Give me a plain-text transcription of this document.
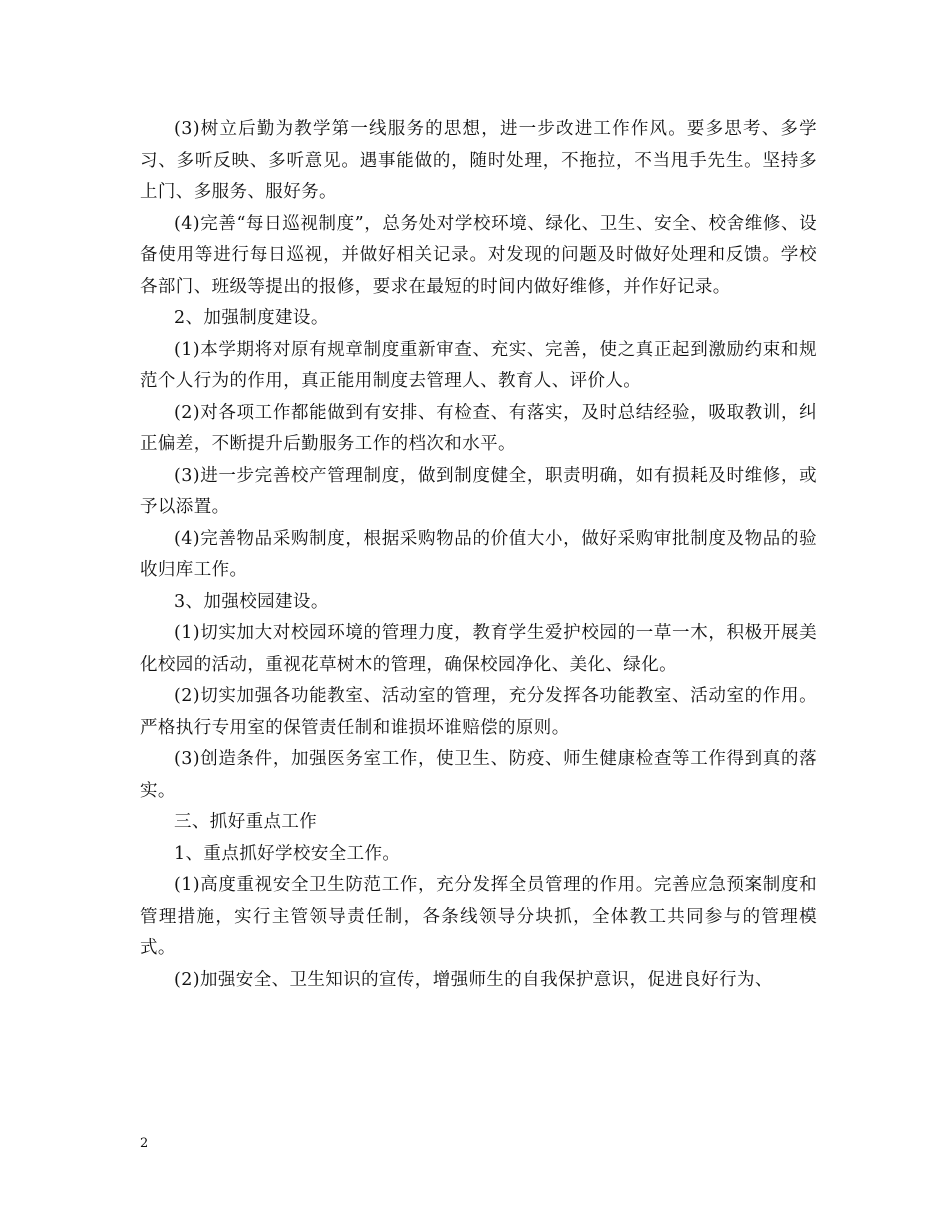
(3)树立后勤为教学第一线服务的思想，进一步改进工作作风。要多思考、多学习、多听反映、多听意见。遇事能做的，随时处理，不拖拉，不当甩手先生。坚持多上门、多服务、服好务。

(4)完善“每日巡视制度”，总务处对学校环境、绿化、卫生、安全、校舍维修、设备使用等进行每日巡视，并做好相关记录。对发现的问题及时做好处理和反馈。学校各部门、班级等提出的报修，要求在最短的时间内做好维修，并作好记录。

2、加强制度建设。

(1)本学期将对原有规章制度重新审查、充实、完善，使之真正起到激励约束和规范个人行为的作用，真正能用制度去管理人、教育人、评价人。

(2)对各项工作都能做到有安排、有检查、有落实，及时总结经验，吸取教训，纠正偏差，不断提升后勤服务工作的档次和水平。

(3)进一步完善校产管理制度，做到制度健全，职责明确，如有损耗及时维修，或予以添置。

(4)完善物品采购制度，根据采购物品的价值大小，做好采购审批制度及物品的验收归库工作。

3、加强校园建设。

(1)切实加大对校园环境的管理力度，教育学生爱护校园的一草一木，积极开展美化校园的活动，重视花草树木的管理，确保校园净化、美化、绿化。

(2)切实加强各功能教室、活动室的管理，充分发挥各功能教室、活动室的作用。严格执行专用室的保管责任制和谁损坏谁赔偿的原则。

(3)创造条件，加强医务室工作，使卫生、防疫、师生健康检查等工作得到真的落实。

三、抓好重点工作

1、重点抓好学校安全工作。

(1)高度重视安全卫生防范工作，充分发挥全员管理的作用。完善应急预案制度和管理措施，实行主管领导责任制，各条线领导分块抓，全体教工共同参与的管理模式。

(2)加强安全、卫生知识的宣传，增强师生的自我保护意识，促进良好行为、

2
